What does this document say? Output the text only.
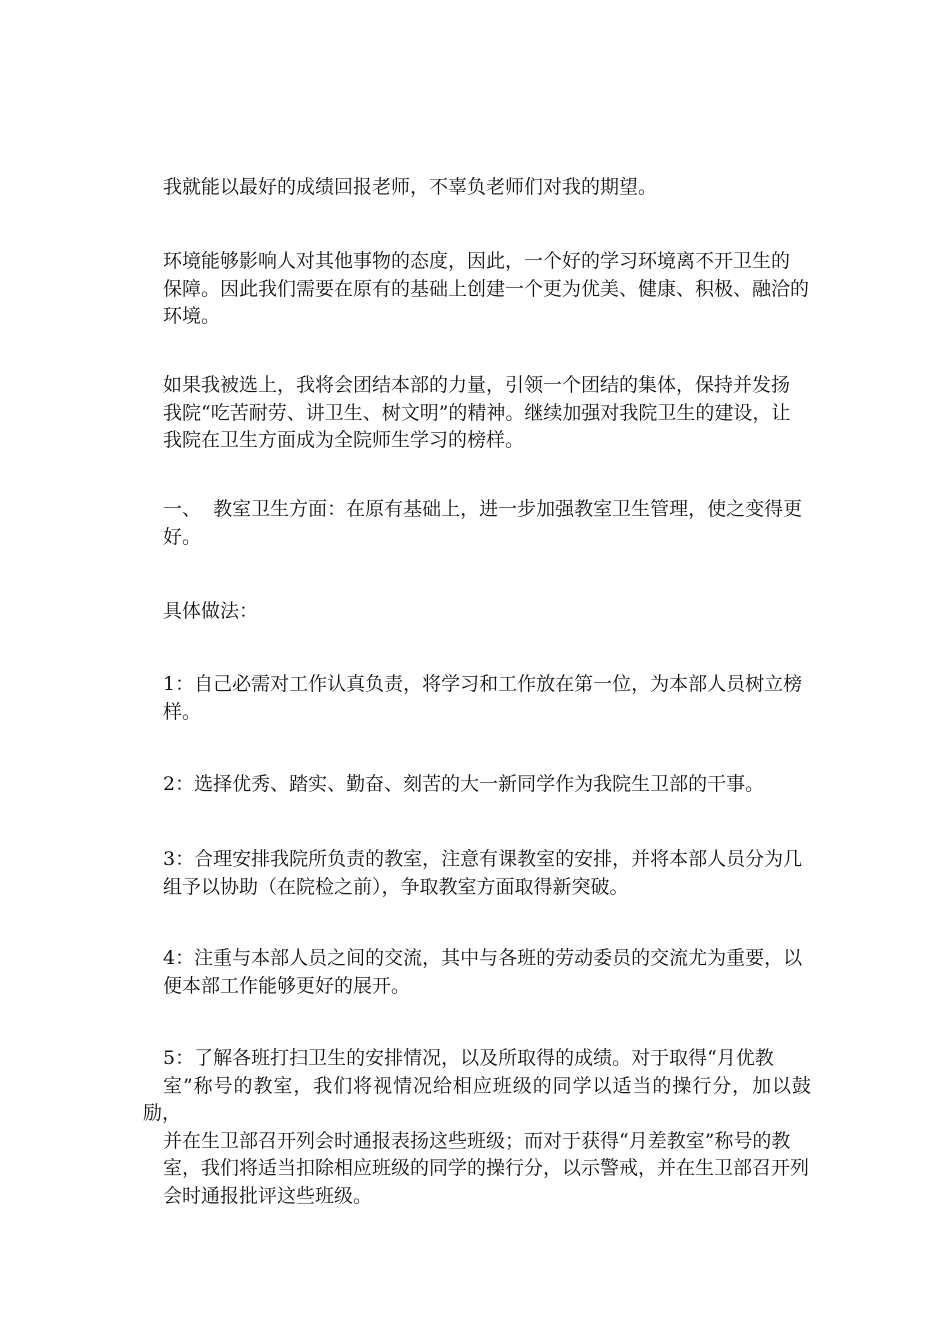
我就能以最好的成绩回报老师，不辜负老师们对我的期望。

环境能够影响人对其他事物的态度，因此，一个好的学习环境离不开卫生的
保障。因此我们需要在原有的基础上创建一个更为优美、健康、积极、融洽的
环境。

如果我被选上，我将会团结本部的力量，引领一个团结的集体，保持并发扬
我院“吃苦耐劳、讲卫生、树文明”的精神。继续加强对我院卫生的建设，让
我院在卫生方面成为全院师生学习的榜样。

一、  教室卫生方面：在原有基础上，进一步加强教室卫生管理，使之变得更
好。

具体做法：

1：自己必需对工作认真负责，将学习和工作放在第一位，为本部人员树立榜
样。

2：选择优秀、踏实、勤奋、刻苦的大一新同学作为我院生卫部的干事。

3：合理安排我院所负责的教室，注意有课教室的安排，并将本部人员分为几
组予以协助（在院检之前），争取教室方面取得新突破。

4：注重与本部人员之间的交流，其中与各班的劳动委员的交流尤为重要，以
便本部工作能够更好的展开。

5：了解各班打扫卫生的安排情况，以及所取得的成绩。对于取得“月优教
室”称号的教室，我们将视情况给相应班级的同学以适当的操行分，加以鼓励，
并在生卫部召开列会时通报表扬这些班级；而对于获得“月差教室”称号的教
室，我们将适当扣除相应班级的同学的操行分，以示警戒，并在生卫部召开列
会时通报批评这些班级。
